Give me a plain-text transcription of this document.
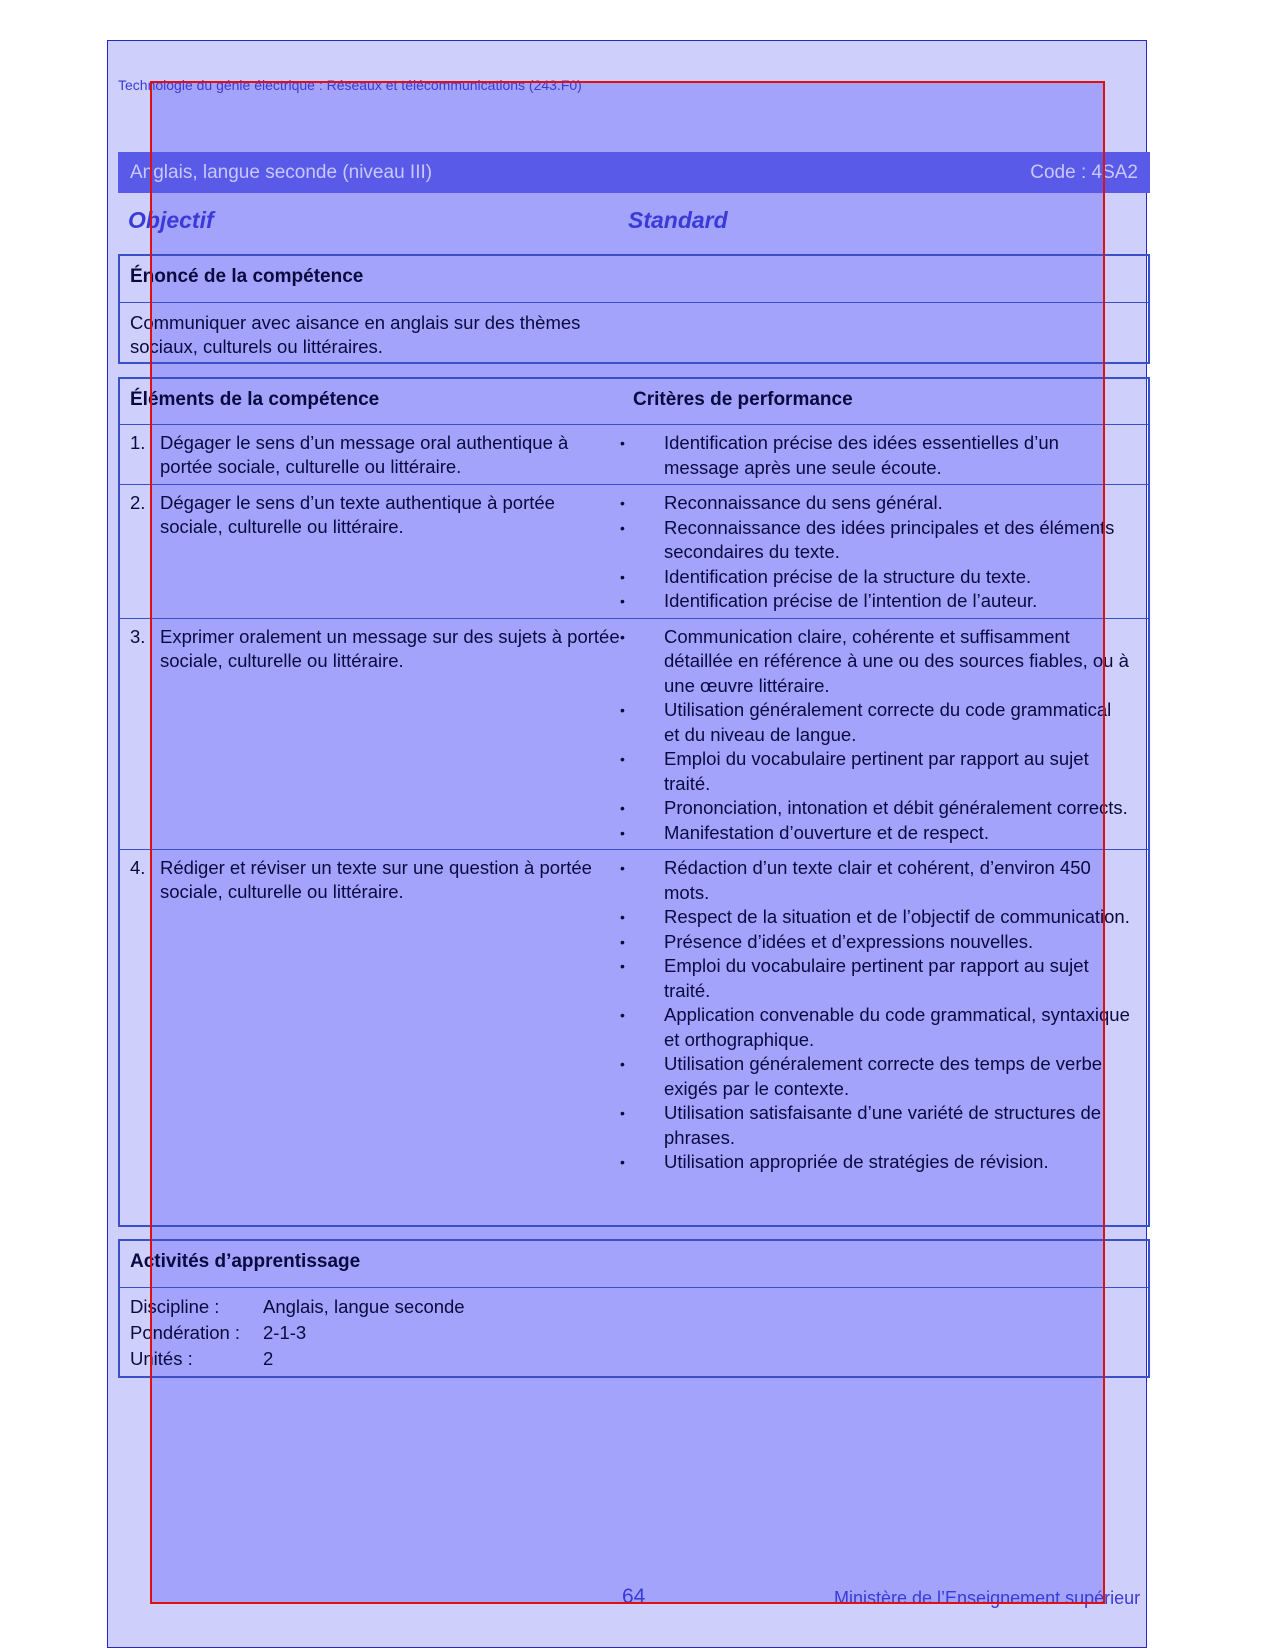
Technologie du génie électrique : Réseaux et télécommunications (243.F0)
Anglais, langue seconde (niveau III)	Code : 4SA2
Objectif	Standard
Énoncé de la compétence
Communiquer avec aisance en anglais sur des thèmes sociaux, culturels ou littéraires.
Éléments de la compétence	Critères de performance
1. Dégager le sens d’un message oral authentique à portée sociale, culturelle ou littéraire.
•	Identification précise des idées essentielles d’un message après une seule écoute.
2. Dégager le sens d’un texte authentique à portée sociale, culturelle ou littéraire.
•	Reconnaissance du sens général.
•	Reconnaissance des idées principales et des éléments secondaires du texte.
•	Identification précise de la structure du texte.
•	Identification précise de l’intention de l’auteur.
3. Exprimer oralement un message sur des sujets à portée sociale, culturelle ou littéraire.
•	Communication claire, cohérente et suffisamment détaillée en référence à une ou des sources fiables, ou à une œuvre littéraire.
•	Utilisation généralement correcte du code grammatical et du niveau de langue.
•	Emploi du vocabulaire pertinent par rapport au sujet traité.
•	Prononciation, intonation et débit généralement corrects.
•	Manifestation d’ouverture et de respect.
4. Rédiger et réviser un texte sur une question à portée sociale, culturelle ou littéraire.
•	Rédaction d’un texte clair et cohérent, d’environ 450 mots.
•	Respect de la situation et de l’objectif de communication.
•	Présence d’idées et d’expressions nouvelles.
•	Emploi du vocabulaire pertinent par rapport au sujet traité.
•	Application convenable du code grammatical, syntaxique et orthographique.
•	Utilisation généralement correcte des temps de verbe exigés par le contexte.
•	Utilisation satisfaisante d’une variété de structures de phrases.
•	Utilisation appropriée de stratégies de révision.
Activités d’apprentissage
Discipline :	Anglais, langue seconde
Pondération :	2-1-3
Unités :	2
64	Ministère de l’Enseignement supérieur
